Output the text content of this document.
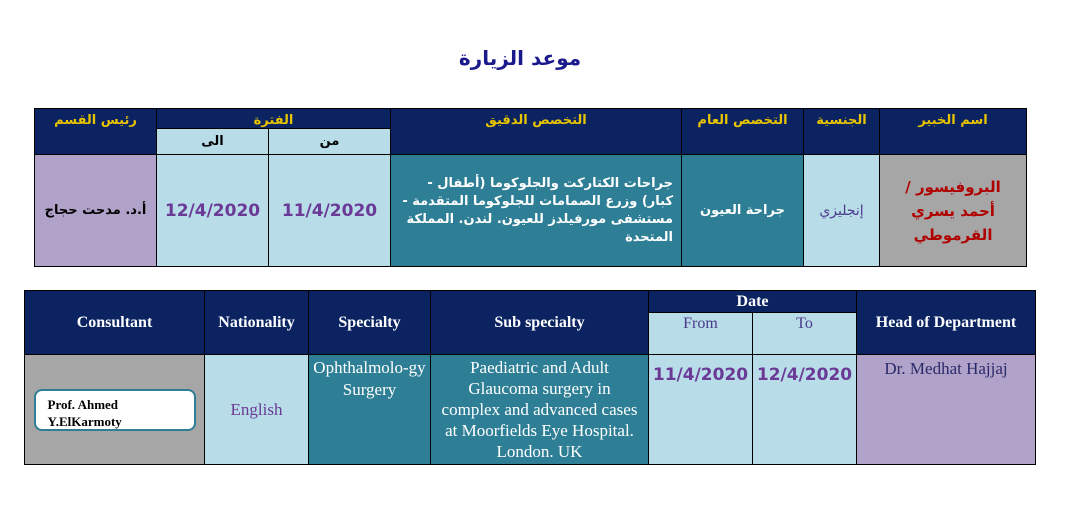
موعد الزيارة
رئيس القسم	الفترة		التخصص الدقيق	التخصص العام	الجنسية	اسم الخبير
	الى	من				
أ.د. مدحت حجاج	12/4/2020	11/4/2020	جراحات الكتاركت والجلوكوما (أطفال - كبار) وزرع الصمامات للجلوكوما المتقدمة - مستشفى مورفيلدز للعيون. لندن. المملكة المتحدة	جراحة العيون	إنجليزي	البروفيسور / أحمد يسري القرموطي
Consultant	Nationality	Specialty	Sub specialty	Date		Head of Department
				From	To	

Prof. Ahmed Y.ElKarmoty	English	Ophthalmolo-gy Surgery	Paediatric and Adult Glaucoma surgery in complex and advanced cases at Moorfields Eye Hospital. London. UK	11/4/2020	12/4/2020	Dr. Medhat Hajjaj
